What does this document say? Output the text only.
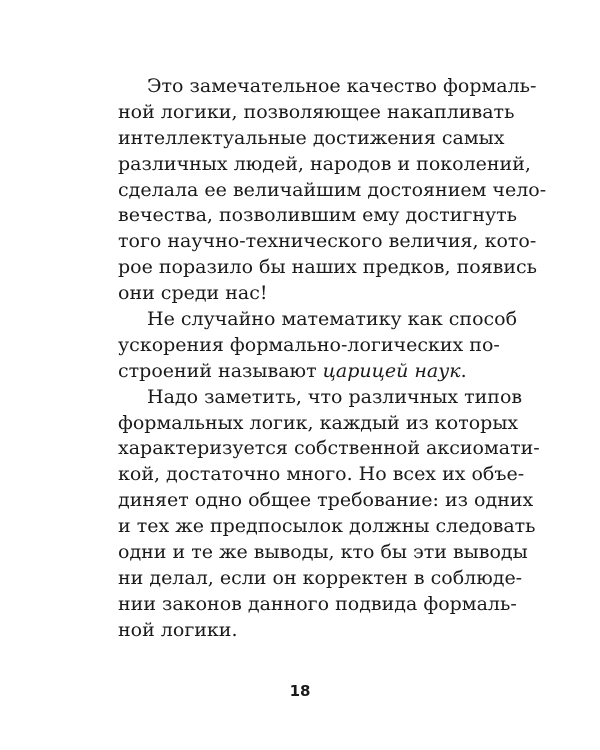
Это замечательное качество формаль-
ной логики, позволяющее накапливать
интеллектуальные достижения самых
различных людей, народов и поколений,
сделала ее величайшим достоянием чело-
вечества, позволившим ему достигнуть
того научно-технического величия, кото-
рое поразило бы наших предков, появись
они среди нас!
Не случайно математику как способ
ускорения формально-логических по-
строений называют царицей наук.
Надо заметить, что различных типов
формальных логик, каждый из которых
характеризуется собственной аксиомати-
кой, достаточно много. Но всех их объе-
диняет одно общее требование: из одних
и тех же предпосылок должны следовать
одни и те же выводы, кто бы эти выводы
ни делал, если он корректен в соблюде-
нии законов данного подвида формаль-
ной логики.
18
